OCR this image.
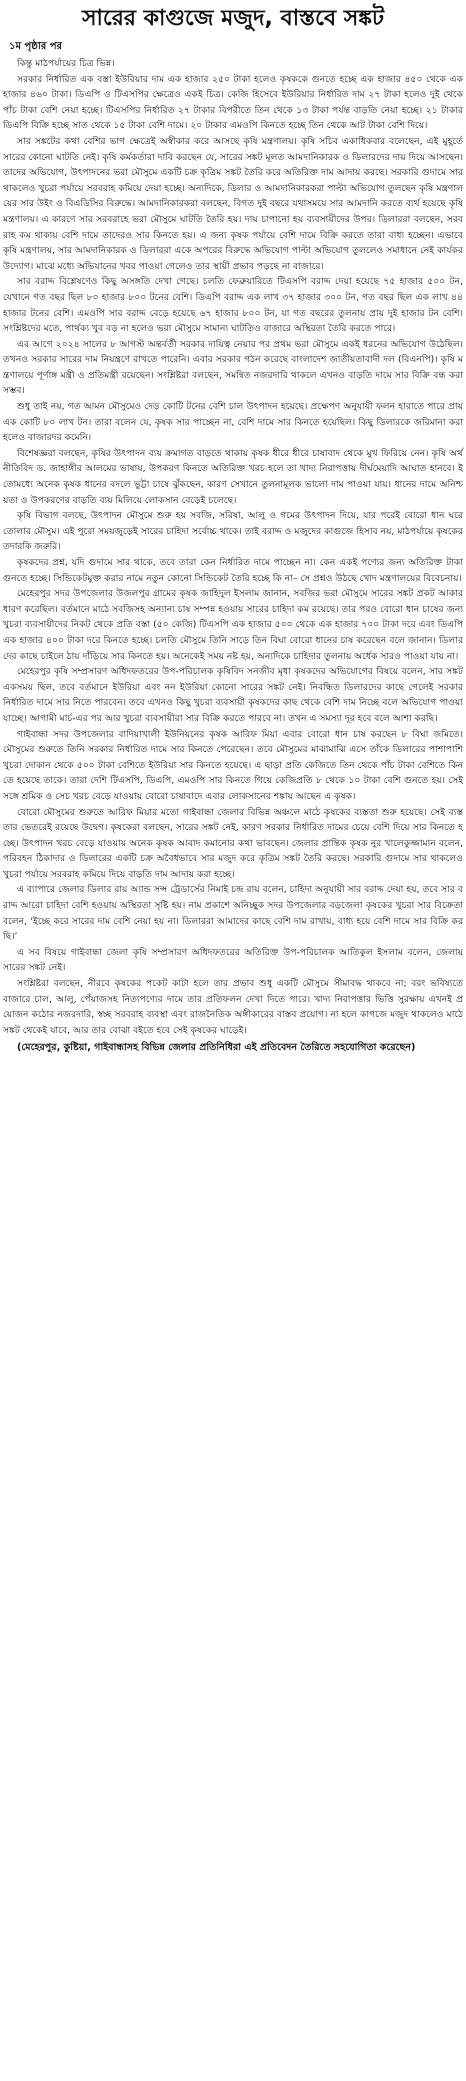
সারের কাগুজে মজুদ, বাস্তবে সঙ্কট
১ম পৃষ্ঠার পর

কিন্তু মাঠপর্যায়ের চিত্র ভিন্ন।

সরকার নির্ধারিত এক বস্তা ইউরিয়ার দাম এক হাজার ২৫০ টাকা হলেও কৃষককে গুনতে হচ্ছে এক হাজার ৪৫০ থেকে এক হাজার ৪৬০ টাকা। ডিএপি ও টিএসপির ক্ষেত্রেও একই চিত্র। কেজি হিসেবে ইউরিয়ার নির্ধারিত দাম ২৭ টাকা হলেও দুই থেকে পাঁচ টাকা বেশি নেয়া হচ্ছে। টিএসপির নির্ধারিত ২৭ টাকার বিপরীতে তিন থেকে ১৩ টাকা পর্যন্ত বাড়তি নেয়া হচ্ছে। ২১ টাকার ডিএপি বিক্রি হচ্ছে সাত থেকে ১৫ টাকা বেশি দামে। ২০ টাকার এমওপি কিনতে হচ্ছে তিন থেকে আট টাকা বেশি দিয়ে।

সার সঙ্কটের কথা বেশির ভাগ ক্ষেত্রেই অস্বীকার করে আসছে কৃষি মন্ত্রণালয়। কৃষি সচিব একাধিকবার বলেছেন, এই মুহূর্তে সারের কোনো ঘাটতি নেই। কৃষি কর্মকর্তারা দাবি করছেন যে, সারের সঙ্কট মূলত আমদানিকারক ও ডিলারদের দায় দিয়ে আসছেন। তাদের অভিযোগ, উৎপাদনের ভরা মৌসুমে একটি চক্র কৃত্রিম সঙ্কট তৈরি করে অতিরিক্ত দাম আদায় করছে। সরকারি গুদামে সার থাকলেও খুচরা পর্যায়ে সরবরাহ কমিয়ে দেয়া হচ্ছে। অন্যদিকে, ডিলার ও আমদানিকারকরা পাল্টা অভিযোগ তুলছেন কৃষি মন্ত্রণালয়ের সার উইং ও বিএডিসির বিরুদ্ধে। আমদানিকারকরা বলছেন, বিগত দুই বছরে যথাসময়ে সার আমদানি করতে ব্যর্থ হয়েছে কৃষি মন্ত্রণালয়। এ কারণে সার সরবরাহে ভরা মৌসুমে ঘাটতি তৈরি হয়। দায় চাপানো হয় ব্যবসায়ীদের উপর। ডিলাররা বলছেন, সরবরাহ কম থাকায় বেশি দামে তাদেরও সার কিনতে হয়। এ জন্য কৃষক পর্যায়ে বেশি দামে বিক্রি করতে তারা বাধ্য হচ্ছেন। এভাবে কৃষি মন্ত্রণালয়, সার আমদানিকারক ও ডিলাররা একে অপরের বিরুদ্ধে অভিযোগ পাল্টা অভিযোগ তুললেও সমাধানে নেই কার্যকর উদ্যোগ। মাঝে মধ্যে অভিযানের খবর পাওয়া গেলেও তার স্থায়ী প্রভাব পড়ছে না বাজারে।

সার বরাদ্দ বিশ্লেষণেও কিছু অসঙ্গতি দেখা গেছে। চলতি ফেব্রুয়ারিতে টিএসপি বরাদ্দ দেয়া হয়েছে ৭৫ হাজার ৫০০ টন, যেখানে গত বছর ছিল ৮০ হাজার ৮০০ টনের বেশি। ডিএপি বরাদ্দ এক লাখ ৩৭ হাজার ৩০০ টন, গত বছর ছিল এক লাখ ৪৪ হাজার টনের বেশি। এমওপি সার বরাদ্দ বেড়ে হয়েছে ৬৭ হাজার ৮০০ টন, যা গত বছরের তুলনায় প্রায় দুই হাজার টন বেশি। সংশ্লিষ্টদের মতে, পার্থক্য খুব বড় না হলেও ভরা মৌসুমে সামান্য ঘাটতিও বাজারে অস্থিরতা তৈরি করতে পারে।

এর আগে ২০২৪ সালের ৮ আগস্ট অন্তর্বর্তী সরকার দায়িত্ব নেয়ার পর প্রথম ভরা মৌসুমে একই ধরনের অভিযোগ উঠেছিল। তখনও সরকার সারের দাম নিয়ন্ত্রণে রাখতে পারেনি। এবার সরকার গঠন করেছে বাংলাদেশ জাতীয়তাবাদী দল (বিএনপি)। কৃষি মন্ত্রণালয়ে পূর্ণাঙ্গ মন্ত্রী ও প্রতিমন্ত্রী রয়েছেন। সংশ্লিষ্টরা বলছেন, সমন্বিত নজরদারি থাকলে এখনও বাড়তি দামে সার বিক্রি বন্ধ করা সম্ভব।

শুধু তাই নয়, গত আমন মৌসুমেও দেড় কোটি টনের বেশি চাল উৎপাদন হয়েছে। প্রক্ষেপণ অনুযায়ী ফলন হারাতে পারে প্রায় এক কোটি ৮০ লাখ টন। তারা বলেন যে, কৃষক সার পাচ্ছেন না, বেশি দামে সার কিনতে হয়েছিল। কিছু ডিলারকে জরিমানা করা হলেও বাজারদর কমেনি।

বিশেষজ্ঞরা বলছেন, কৃষির উৎপাদন ব্যয় ক্রমাগত বাড়তে থাকায় কৃষক ধীরে ধীরে চাষাবাদ থেকে মুখ ফিরিয়ে নেন। কৃষি অর্থনীতিবিদ ড. জাহাঙ্গীর আলমের ভাষায়, উপকরণ কিনতে অতিরিক্ত খরচ হলে তা খাদ্য নিরাপত্তায় দীর্ঘমেয়াদি আঘাত হানবে। ইতোমধ্যে অনেক কৃষক ধানের বদলে ভুট্টা চাষে ঝুঁকছেন, কারণ সেখানে তুলনামূলক ভালো দাম পাওয়া যায়। ধানের দামে অনিশ্চয়তা ও উপকরণের বাড়তি ব্যয় মিলিয়ে লোকসান বেড়েই চলেছে।

কৃষি বিভাগ বলছে, উৎপাদন মৌসুমে শুরু হয় সবজি, সরিষা, আলু ও গমের উৎপাদন দিয়ে, যার পরেই বোরো ধান ঘরে তোলার মৌসুম। এই পুরো সময়জুড়েই সারের চাহিদা সর্বোচ্চ থাকে। তাই বরাদ্দ ও মজুদের কাগুজে হিসাব নয়, মাঠপর্যায়ে কৃষকের তদারকি জরুরি।

কৃষকদের প্রশ্ন, যদি গুদামে সার থাকে, তবে তারা কেন নির্ধারিত দামে পাচ্ছেন না। কেন একই পণ্যের জন্য অতিরিক্ত টাকা গুনতে হচ্ছে। সিন্ডিকেটমুক্ত করার নামে নতুন কোনো সিন্ডিকেট তৈরি হচ্ছে কি না– সে প্রশ্নও উঠছে খোদ মন্ত্রণালয়ের বিবেচনায়।

মেহেরপুর সদর উপজেলার উজলপুর গ্রামের কৃষক জাহিদুল ইসলাম জানান, সবজির ভরা মৌসুমে সারের সঙ্কট প্রকট আকার ধারণ করেছিল। বর্তমানে মাঠে সবজিসহ অন্যান্য চাষ সম্পন্ন হওয়ায় সারের চাহিদা কম রয়েছে। তার পরও বোরো ধান চাষের জন্য খুচরা ব্যবসায়ীদের নিকট থেকে প্রতি বস্তা (৫০ কেজি) টিএসপি এক হাজার ৫০০ থেকে এক হাজার ৭০০ টাকা দরে এবং ডিএপি এক হাজার ৪০০ টাকা দরে কিনতে হচ্ছে। চলতি মৌসুমে তিনি সাড়ে তিন বিঘা বোরো ধানের চাষ করেছেন বলে জানান। ডিলারদের কাছে চাইলে ঠায় দাঁড়িয়ে সার কিনতে হয়। অনেকেই সময় নষ্ট হয়, অন্যদিকে চাহিদার তুলনায় অর্ধেক সারও পাওয়া যায় না।

মেহেরপুর কৃষি সম্প্রসারণ অধিদফতরের উপ-পরিচালক কৃষিবিদ সনজীব মৃধা কৃষকদের অভিযোগের বিষয়ে বলেন, সার সঙ্কট একসময় ছিল, তবে বর্তমানে ইউরিয়া এবং নন ইউরিয়া কোনো সারের সঙ্কট নেই। নিবন্ধিত ডিলারদের কাছে গেলেই সরকার নির্ধারিত দামে সার নিতে পারবেন। তবে এখনও কিছু খুচরা ব্যবসায়ী কৃষকদের কাছ থেকে বেশি দাম নিচ্ছে বলে অভিযোগ পাওয়া যাচ্ছে। আগামী মার্চ-এর পর আর খুচরা ব্যবসায়ীরা সার বিক্রি করতে পারবে না। তখন এ সমস্যা দূর হবে বলে আশা করছি।

গাইবান্ধা সদর উপজেলার বাদিয়াখালী ইউনিয়নের কৃষক আরিফ মিয়া এবার বোরো ধান চাষ করছেন ৮ বিঘা জমিতে। মৌসুমের শুরুতে তিনি সরকার নির্ধারিত দামে সার কিনতে পেরেছেন। তবে মৌসুমের মাঝামাঝি এসে তাঁকে ডিলারের পাশাপাশি খুচরা দোকান থেকে ৫০০ টাকা বেশিতে ইউরিয়া সার কিনতে হয়েছে। এ ছাড়া প্রতি কেজিতে তিন থেকে পাঁচ টাকা বেশিতে কিনতে হয়েছে তাকে। তারা দেশি টিএসপি, ডিএপি, এমওপি সার কিনতে গিয়ে কেজিপ্রতি ৮ থেকে ১০ টাকা বেশি গুনতে হয়। সেই সঙ্গে শ্রমিক ও সেচ খরচ বেড়ে যাওয়ায় বোরো চাষাবাদে এবার লোকসানের শঙ্কায় আছেন এ কৃষক।

বোরো মৌসুমের শুরুতে আরিফ মিয়ার মতো গাইবান্ধা জেলার বিভিন্ন অঞ্চলে মাঠে কৃষকের ব্যস্ততা শুরু হয়েছে। সেই ব্যস্ততার ভেতরেই রয়েছে উদ্বেগ। কৃষকেরা বলছেন, সারের সঙ্কট নেই, কারণ সরকার নির্ধারিত দামের চেয়ে বেশি দিয়ে সার কিনতে হচ্ছে। উৎপাদন খরচ বেড়ে যাওয়ায় অনেক কৃষক আবাদ কমানোর কথা ভাবছেন। জেলার প্রান্তিক কৃষক নুর খালেকুজ্জামান বলেন, পরিবহন ঠিকাদার ও ডিলারের একটি চক্র অবৈধভাবে সার মজুদ করে কৃত্রিম সঙ্কট তৈরি করছে। সরকারি গুদামে সার থাকলেও খুচরা পর্যায়ে সরবরাহ কমিয়ে দিয়ে বাড়তি দাম আদায় করা হচ্ছে।

এ ব্যাপারে জেলার ডিলার রায় অ্যান্ড সন্স ট্রেডার্সের নিমাই চন্দ্র রায় বলেন, চাহিদা অনুযায়ী সার বরাদ্দ দেয়া হয়, তবে সার বরাদ্দ আরো চাহিদা বেশি হওয়ায় অস্থিরতা সৃষ্টি হয়। নাম প্রকাশে অনিচ্ছুক সদর উপজেলার বড়জেলা কৃষকের খুচরা সার বিক্রেতা বলেন, ‘ইচ্ছে করে সারের দাম বেশি নেয়া হয় না। ডিলাররা আমাদের কাছে বেশি দাম রাখায়, বাধ্য হয়ে বেশি দামে সার বিক্রি করছি।’

এ সব বিষয়ে গাইবান্ধা জেলা কৃষি সম্প্রসারণ অধিদফতরের অতিরিক্ত উপ-পরিচালক আতিকুল ইসলাম বলেন, জেলায় সারের সঙ্কট নেই।

সংশ্লিষ্টরা বলছেন, নীরবে কৃষকের পকেট কাটা হলে তার প্রভাব শুধু একটি মৌসুমে সীমাবদ্ধ থাকবে না; বরং ভবিষ্যতে বাজারে চাল, আলু, পেঁয়াজসহ নিত্যপণ্যের দামে তার প্রতিফলন দেখা দিতে পারে। খাদ্য নিরাপত্তার ভিত্তি সুরক্ষায় এখনই প্রয়োজন কঠোর নজরদারি, স্বচ্ছ সরবরাহ ব্যবস্থা এবং রাজনৈতিক অঙ্গীকারের বাস্তব প্রয়োগ। না হলে কাগজে মজুদ থাকলেও মাঠে সঙ্কট থেকেই যাবে, আর তার বোঝা বইতে হবে সেই কৃষকের ঘাড়েই।

(মেহেরপুর, কুষ্টিয়া, গাইবান্ধাসহ বিভিন্ন জেলার প্রতিনিধিরা এই প্রতিবেদন তৈরিতে সহযোগিতা করেছেন)
